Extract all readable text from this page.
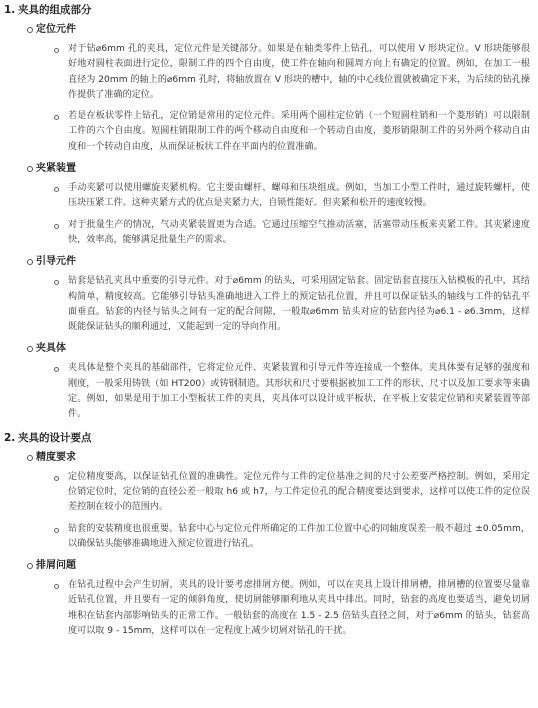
1. 夹具的组成部分

定位元件

对于钻⌀6mm 孔的夹具，定位元件是关键部分。如果是在轴类零件上钻孔，可以使用 V 形块定位。V 形块能够很好地对圆柱表面进行定位，限制工件的四个自由度，使工件在轴向和圆周方向上有确定的位置。例如，在加工一根直径为 20mm 的轴上的⌀6mm 孔时，将轴放置在 V 形块的槽中，轴的中心线位置就被确定下来，为后续的钻孔操作提供了准确的定位。

若是在板状零件上钻孔，定位销是常用的定位元件。采用两个圆柱定位销（一个短圆柱销和一个菱形销）可以限制工件的六个自由度。短圆柱销限制工件的两个移动自由度和一个转动自由度，菱形销限制工件的另外两个移动自由度和一个转动自由度，从而保证板状工件在平面内的位置准确。

夹紧装置

手动夹紧可以使用螺旋夹紧机构。它主要由螺杆、螺母和压块组成。例如，当加工小型工件时，通过旋转螺杆，使压块压紧工件。这种夹紧方式的优点是夹紧力大，自锁性能好。但夹紧和松开的速度较慢。

对于批量生产的情况，气动夹紧装置更为合适。它通过压缩空气推动活塞，活塞带动压板来夹紧工件。其夹紧速度快，效率高，能够满足批量生产的需求。

引导元件

钻套是钻孔夹具中重要的引导元件。对于⌀6mm 的钻头，可采用固定钻套。固定钻套直接压入钻模板的孔中，其结构简单，精度较高。它能够引导钻头准确地进入工件上的预定钻孔位置，并且可以保证钻头的轴线与工件的钻孔平面垂直。钻套的内径与钻头之间有一定的配合间隙，一般取⌀6mm 钻头对应的钻套内径为⌀6.1 - ⌀6.3mm，这样既能保证钻头的顺利通过，又能起到一定的导向作用。

夹具体

夹具体是整个夹具的基础部件，它将定位元件、夹紧装置和引导元件等连接成一个整体。夹具体要有足够的强度和刚度，一般采用铸铁（如 HT200）或铸钢制造。其形状和尺寸要根据被加工工件的形状、尺寸以及加工要求等来确定。例如，如果是用于加工小型板状工件的夹具，夹具体可以设计成平板状，在平板上安装定位销和夹紧装置等部件。

2. 夹具的设计要点

精度要求

定位精度要高，以保证钻孔位置的准确性。定位元件与工件的定位基准之间的尺寸公差要严格控制。例如，采用定位销定位时，定位销的直径公差一般取 h6 或 h7，与工件定位孔的配合精度要达到要求，这样可以使工件的定位误差控制在较小的范围内。

钻套的安装精度也很重要。钻套中心与定位元件所确定的工件加工位置中心的同轴度误差一般不超过 ±0.05mm，以确保钻头能够准确地进入预定位置进行钻孔。

排屑问题

在钻孔过程中会产生切屑，夹具的设计要考虑排屑方便。例如，可以在夹具上设计排屑槽，排屑槽的位置要尽量靠近钻孔位置，并且要有一定的倾斜角度，使切屑能够顺利地从夹具中排出。同时，钻套的高度也要适当，避免切屑堆积在钻套内部影响钻头的正常工作。一般钻套的高度在 1.5 - 2.5 倍钻头直径之间，对于⌀6mm 的钻头，钻套高度可以取 9 - 15mm，这样可以在一定程度上减少切屑对钻孔的干扰。
